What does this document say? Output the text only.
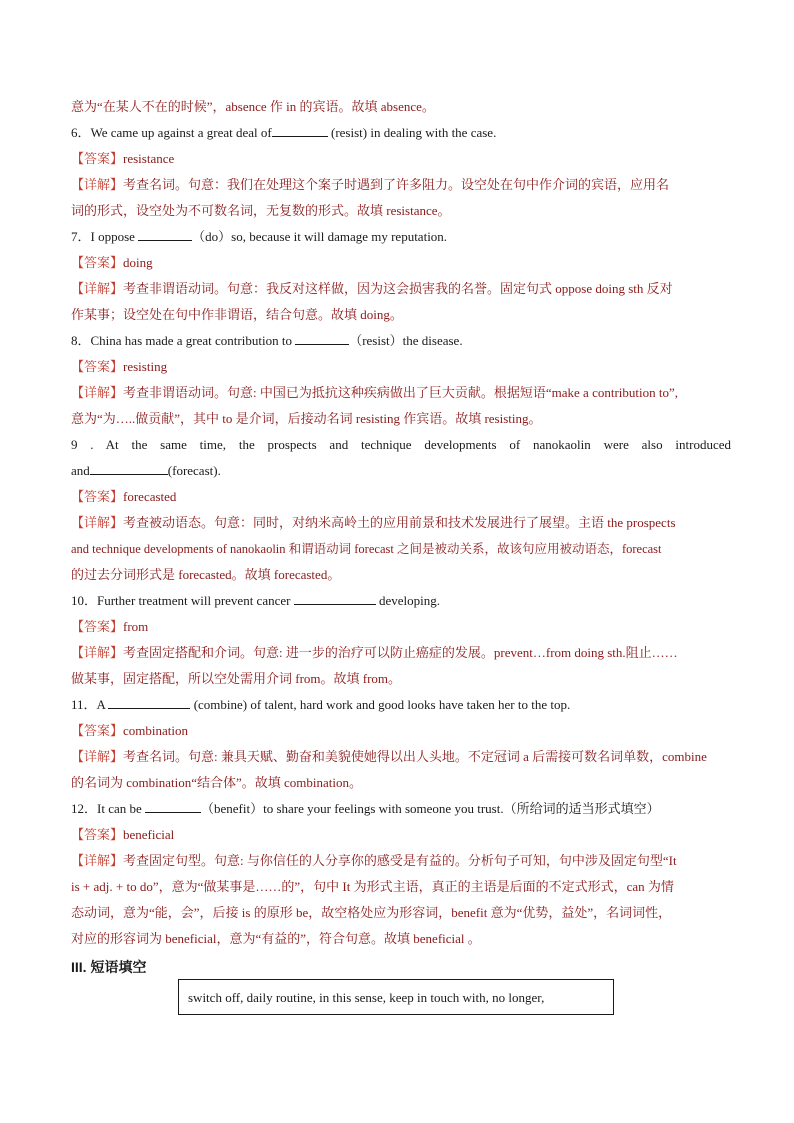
意为“在某人不在的时候”，absence 作 in 的宾语。故填 absence。
6．We came up against a great deal of	(resist) in dealing with the case.
【答案】resistance
【详解】考查名词。句意：我们在处理这个案子时遇到了许多阻力。设空处在句中作介词的宾语，应用名
词的形式，设空处为不可数名词，无复数的形式。故填 resistance。
7．I oppose	（do）so, because it will damage my reputation.
【答案】doing
【详解】考查非谓语动词。句意：我反对这样做，因为这会损害我的名誉。固定句式 oppose doing sth 反对
作某事；设空处在句中作非谓语，结合句意。故填 doing。
8．China has made a great contribution to	（resist）the disease.
【答案】resisting
【详解】考查非谓语动词。句意: 中国已为抵抗这种疾病做出了巨大贡献。根据短语“make a contribution to”,
意为“为…..做贡献”，其中 to 是介词，后接动名词 resisting 作宾语。故填 resisting。
9 . At the same time, the prospects and technique developments of nanokaolin were also introduced
and	(forecast).
【答案】forecasted
【详解】考查被动语态。句意：同时，对纳米高岭土的应用前景和技术发展进行了展望。主语 the prospects
and technique developments of nanokaolin 和谓语动词 forecast 之间是被动关系，故该句应用被动语态，forecast
的过去分词形式是 forecasted。故填 forecasted。
10．Further treatment will prevent cancer	developing.
【答案】from
【详解】考查固定搭配和介词。句意: 进一步的治疗可以防止癌症的发展。prevent…from doing sth.阻止……
做某事，固定搭配，所以空处需用介词 from。故填 from。
11．A	(combine) of talent, hard work and good looks have taken her to the top.
【答案】combination
【详解】考查名词。句意: 兼具天赋、勤奋和美貌使她得以出人头地。不定冠词 a 后需接可数名词单数，combine
的名词为 combination“结合体”。故填 combination。
12．It can be	（benefit）to share your feelings with someone you trust.（所给词的适当形式填空）
【答案】beneficial
【详解】考查固定句型。句意: 与你信任的人分享你的感受是有益的。分析句子可知，句中涉及固定句型“It
is + adj. + to do”，意为“做某事是……的”，句中 It 为形式主语，真正的主语是后面的不定式形式，can 为情
态动词，意为“能，会”，后接 is 的原形 be，故空格处应为形容词，benefit 意为“优势，益处”，名词词性，
对应的形容词为 beneficial，意为“有益的”，符合句意。故填 beneficial 。
III. 短语填空
switch off, daily routine, in this sense, keep in touch with, no longer,
